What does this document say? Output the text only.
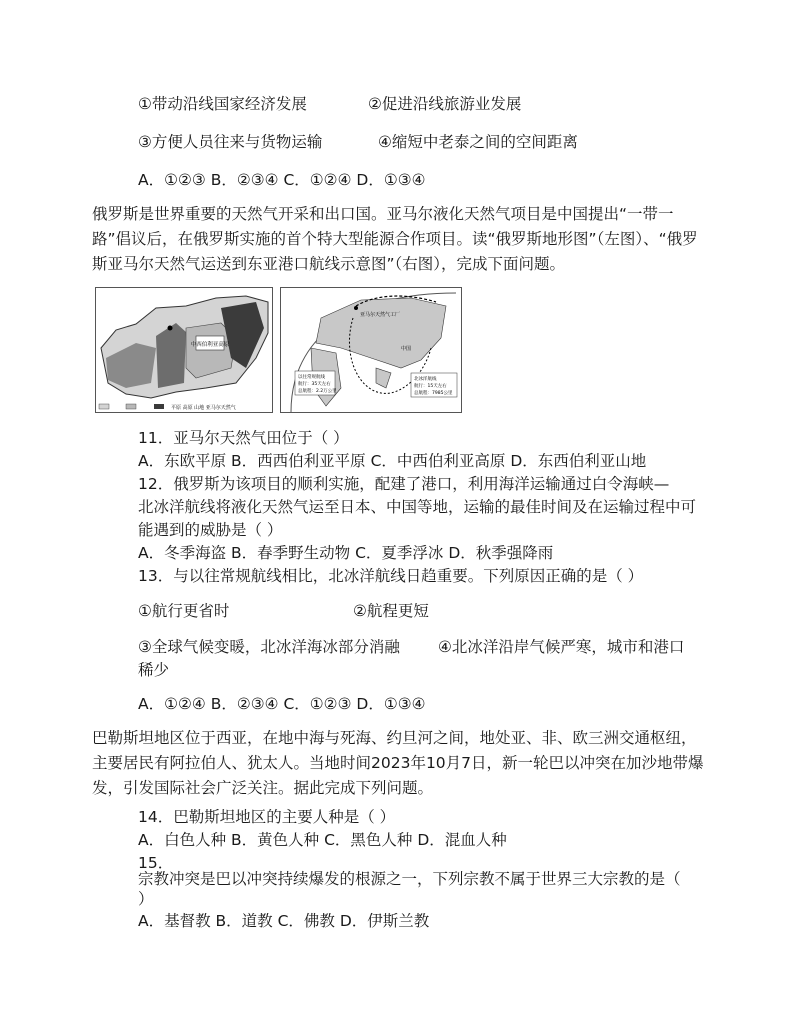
①带动沿线国家经济发展	②促进沿线旅游业发展
③方便人员往来与货物运输	④缩短中老泰之间的空间距离
A．①②③ B．②③④ C．①②④ D．①③④
俄罗斯是世界重要的天然气开采和出口国。亚马尔液化天然气项目是中国提出“一带一路”倡议后，在俄罗斯实施的首个特大型能源合作项目。读“俄罗斯地形图”（左图）、“俄罗斯亚马尔天然气运送到东亚港口航线示意图”（右图），完成下面问题。
中西伯利亚高原
平原 高原 山地 亚马尔天然气
亚马尔天然气工厂
中国
以往常规航线
航行：35天左右
总航程：2.2万公里
北冰洋航线
航行：15天左右
总航程：7985公里
11．亚马尔天然气田位于（ ）
A．东欧平原 B．西西伯利亚平原 C．中西伯利亚高原 D．东西伯利亚山地
12．俄罗斯为该项目的顺利实施，配建了港口，利用海洋运输通过白令海峡—
北冰洋航线将液化天然气运至日本、中国等地，运输的最佳时间及在运输过程中可
能遇到的威胁是（ ）
A．冬季海盗 B．春季野生动物 C．夏季浮冰 D．秋季强降雨
13．与以往常规航线相比，北冰洋航线日趋重要。下列原因正确的是（ ）
①航行更省时	②航程更短
③全球气候变暖，北冰洋海冰部分消融 ④北冰洋沿岸气候严寒，城市和港口
稀少
A．①②④ B．②③④ C．①②③ D．①③④
巴勒斯坦地区位于西亚，在地中海与死海、约旦河之间，地处亚、非、欧三洲交通枢纽，主要居民有阿拉伯人、犹太人。当地时间2023年10月7日，新一轮巴以冲突在加沙地带爆发，引发国际社会广泛关注。据此完成下列问题。
14．巴勒斯坦地区的主要人种是（ ）
A．白色人种 B．黄色人种 C．黑色人种 D．混血人种
15．
宗教冲突是巴以冲突持续爆发的根源之一，下列宗教不属于世界三大宗教的是（
）
A．基督教 B．道教 C．佛教 D．伊斯兰教
